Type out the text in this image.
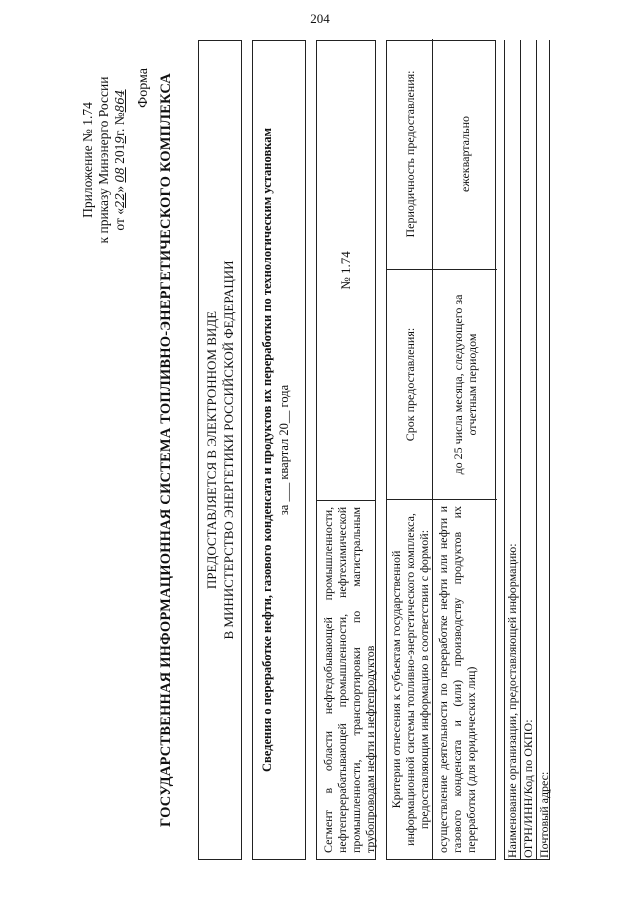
204
Приложение № 1.74 к приказу Минэнерго России от «22» 08 2019г. №864 Форма ГОСУДАРСТВЕННАЯ ИНФОРМАЦИОННАЯ СИСТЕМА ТОПЛИВНО-ЭНЕРГЕТИЧЕСКОГО КОМПЛЕКСА ПРЕДОСТАВЛЯЕТСЯ В ЭЛЕКТРОННОМ ВИДЕ В МИНИСТЕРСТВО ЭНЕРГЕТИКИ РОССИЙСКОЙ ФЕДЕРАЦИИ Сведения о переработке нефти, газового конденсата и продуктов их переработки по технологическим установкам за ___ квартал 20__ года
Сегмент в области нефтедобывающей промышленности, нефтеперерабатывающей промышленности, нефтехимической промышленности, транспортировки по магистральным трубопроводам нефти и нефтепродуктов
№ 1.74
Критерии отнесения к субъектам государственной информационной системы топливно-энергетического комплекса, предоставляющим информацию в соответствии с формой:
Срок предоставления:
Периодичность предоставления:
осуществление деятельности по переработке нефти или нефти и газового конденсата и (или) производству продуктов их переработки (для юридических лиц)
до 25 числа месяца, следующего за отчетным периодом
ежеквартально
Наименование организации, предоставляющей информацию: ОГРН/ИНН/Код по ОКПО: Почтовый адрес:
